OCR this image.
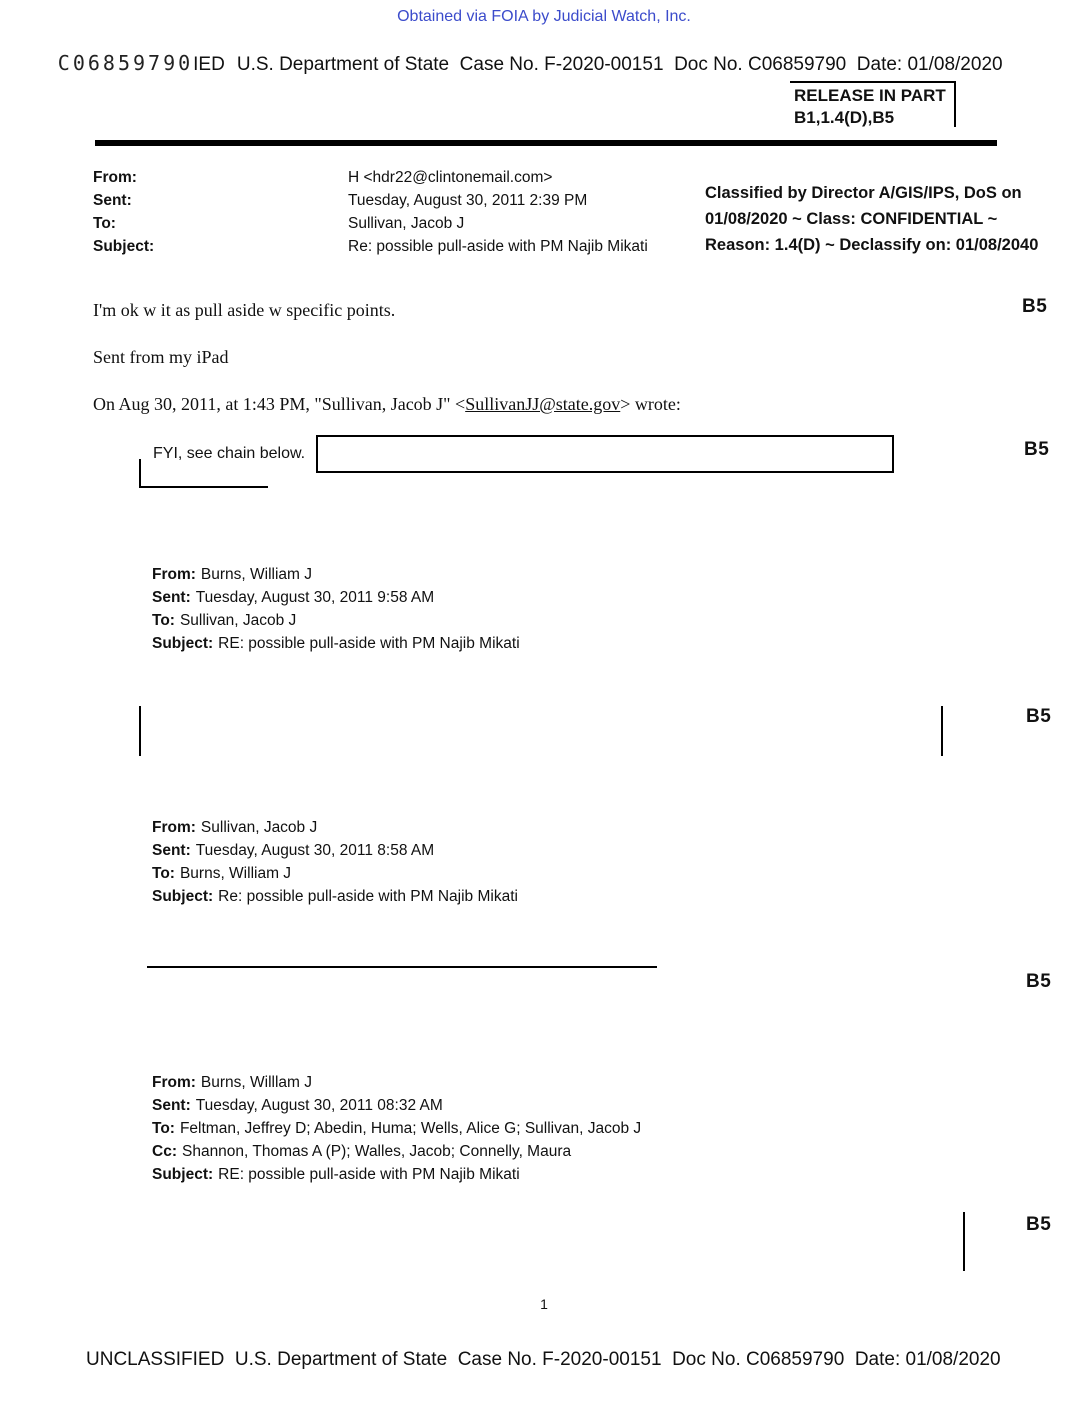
Obtained via FOIA by Judicial Watch, Inc.

C06859790IED U.S. Department of State  Case No. F-2020-00151  Doc No. C06859790  Date: 01/08/2020

RELEASE IN PART
B1,1.4(D),B5
From:	H <hdr22@clintonemail.com>
Sent:	Tuesday, August 30, 2011 2:39 PM
To:	Sullivan, Jacob J
Subject:	Re: possible pull-aside with PM Najib Mikati
Classified by Director A/GIS/IPS, DoS on
01/08/2020 ~ Class: CONFIDENTIAL ~
Reason: 1.4(D) ~ Declassify on: 01/08/2040
I'm ok w it as pull aside w specific points.	B5
Sent from my iPad
On Aug 30, 2011, at 1:43 PM, "Sullivan, Jacob J" <SullivanJJ@state.gov> wrote:
FYI, see chain below.	B5
From: Burns, William J
Sent: Tuesday, August 30, 2011 9:58 AM
To: Sullivan, Jacob J
Subject: RE: possible pull-aside with PM Najib Mikati
B5
From: Sullivan, Jacob J
Sent: Tuesday, August 30, 2011 8:58 AM
To: Burns, William J
Subject: Re: possible pull-aside with PM Najib Mikati
B5
From: Burns, Willlam J
Sent: Tuesday, August 30, 2011 08:32 AM
To: Feltman, Jeffrey D; Abedin, Huma; Wells, Alice G; Sullivan, Jacob J
Cc: Shannon, Thomas A (P); Walles, Jacob; Connelly, Maura
Subject: RE: possible pull-aside with PM Najib Mikati
B5
1
UNCLASSIFIED  U.S. Department of State  Case No. F-2020-00151  Doc No. C06859790  Date: 01/08/2020
